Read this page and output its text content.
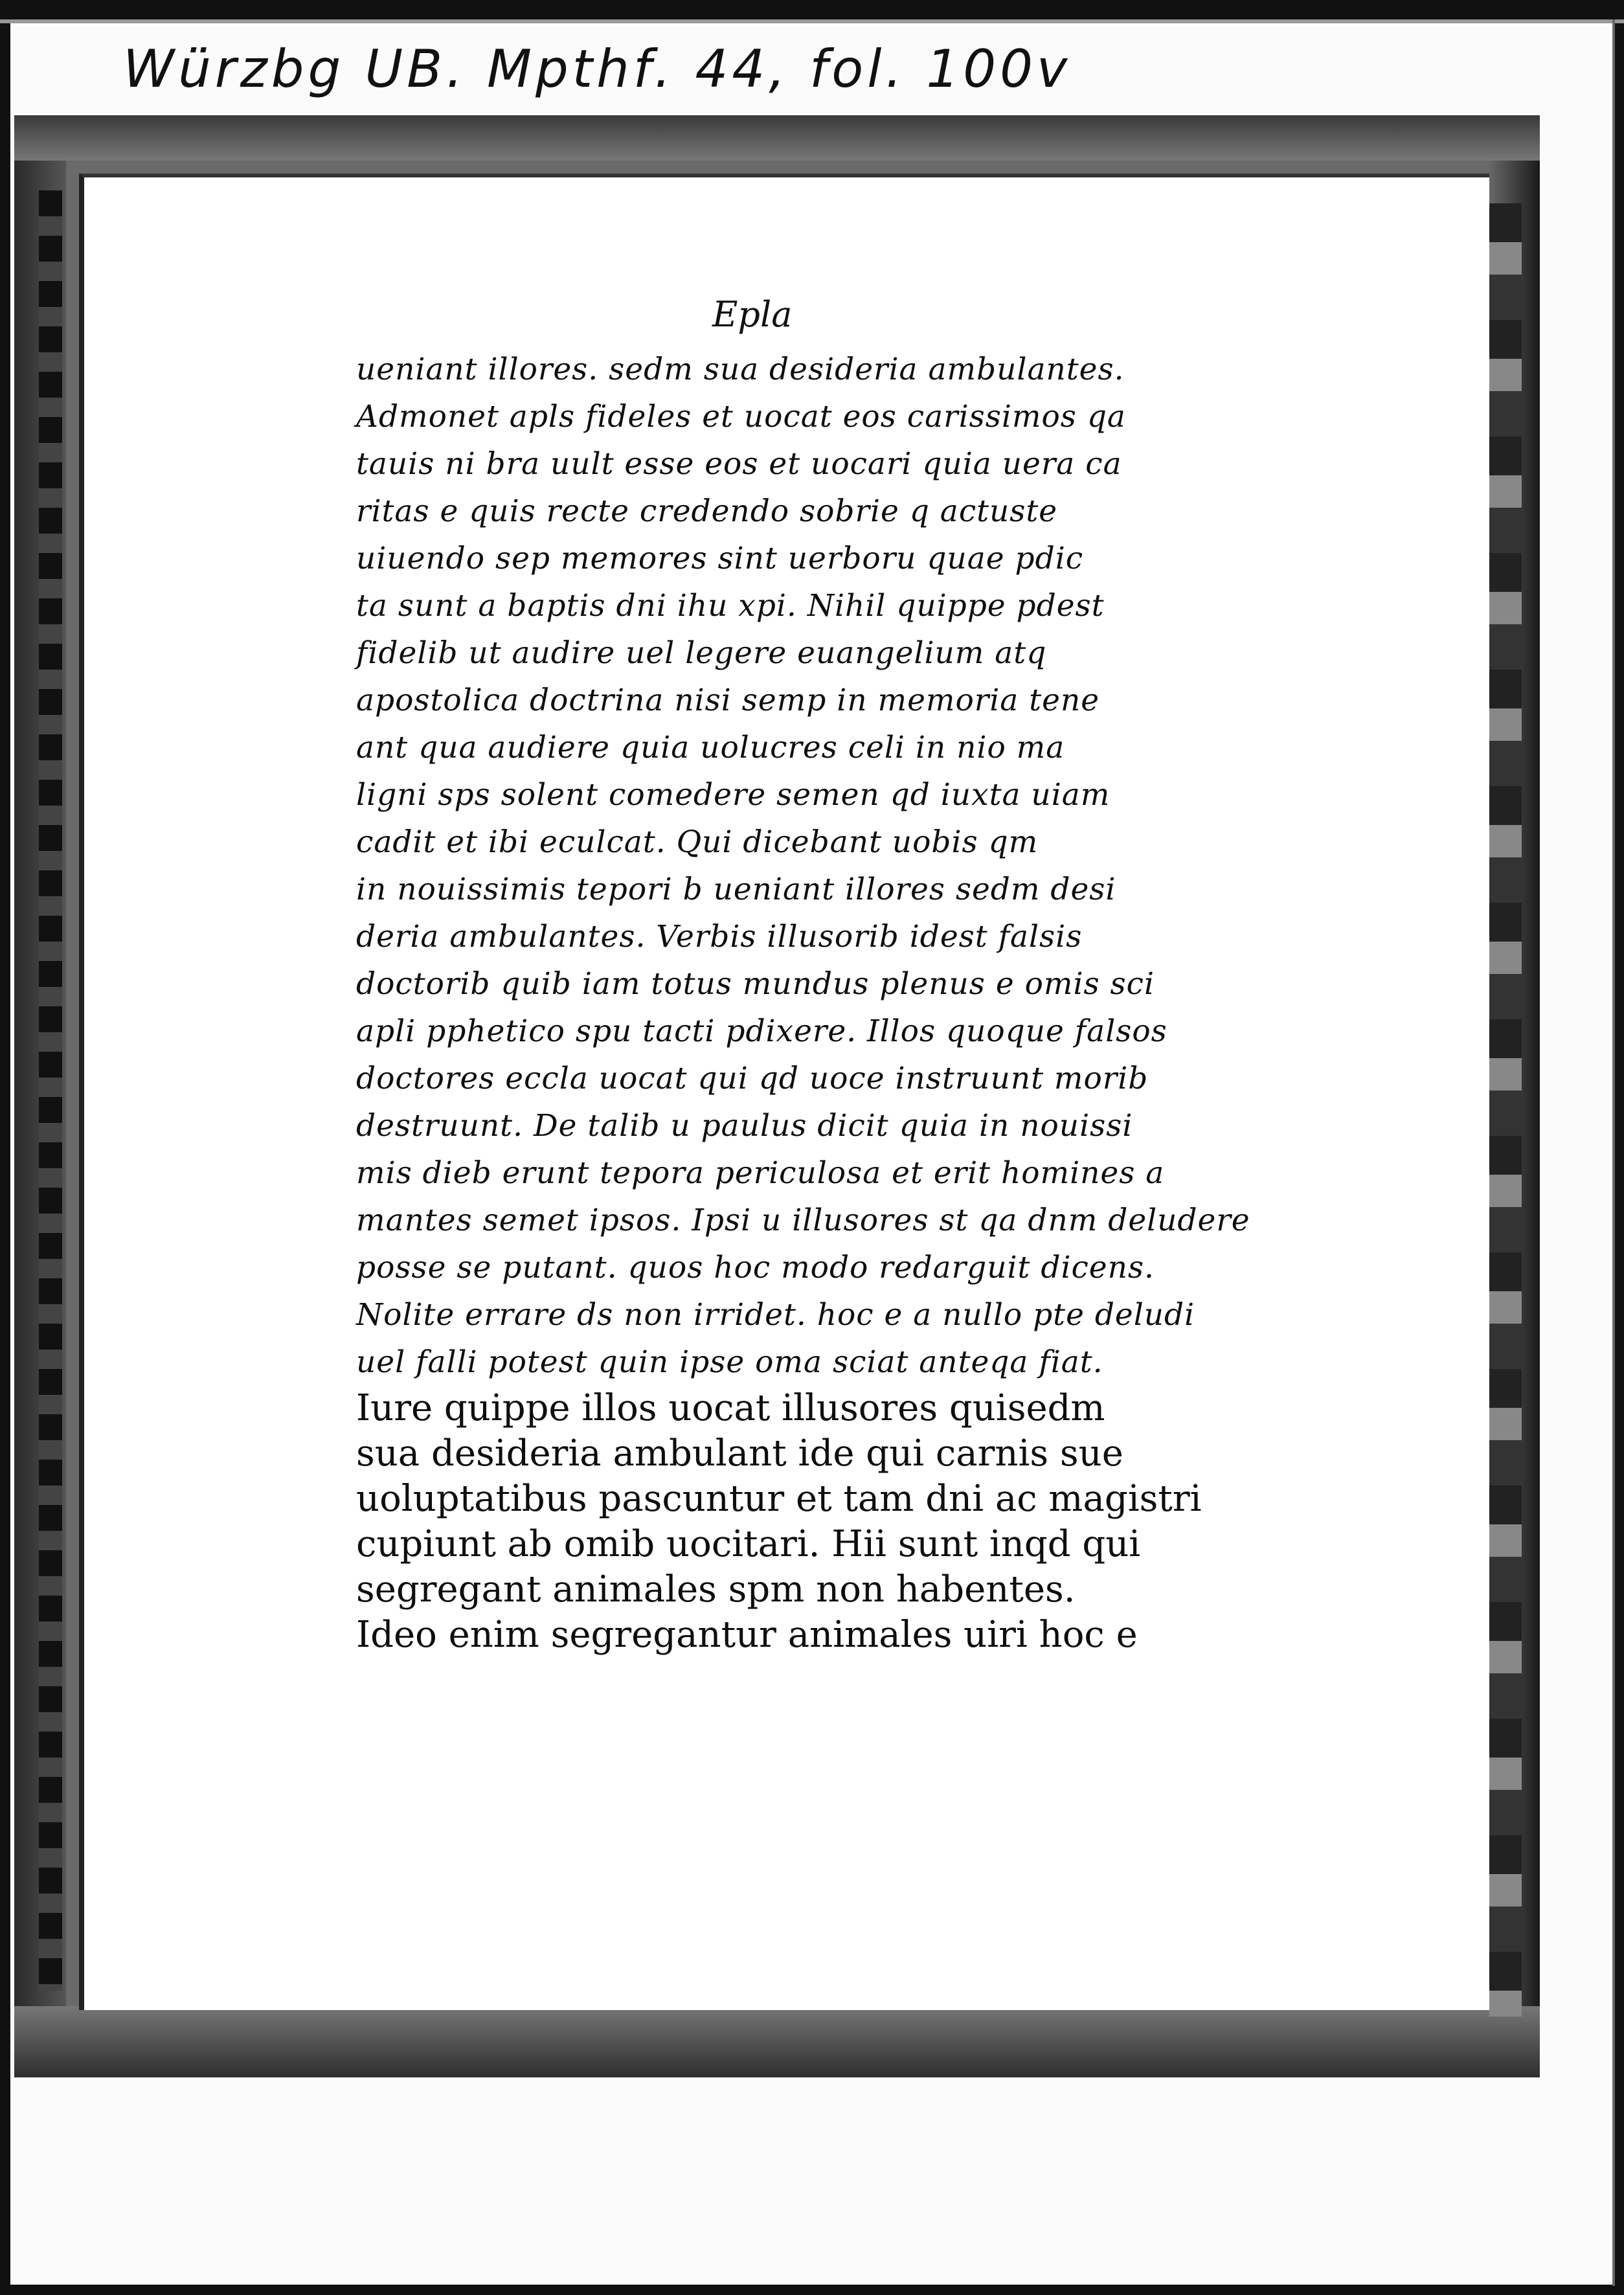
Würzbg UB. Mpthf. 44, fol. 100v
Epla
ueniant illores. sedm sua desideria ambulantes.
Admonet apls fideles et uocat eos carissimos qa
tauis ni bra uult esse eos et uocari quia uera ca
ritas e quis recte credendo sobrie q actuste
uiuendo sep memores sint uerboru quae pdic
ta sunt a baptis dni ihu xpi. Nihil quippe pdest
fidelib ut audire uel legere euangelium atq
apostolica doctrina nisi semp in memoria tene
ant qua audiere quia uolucres celi in nio ma
ligni sps solent comedere semen qd iuxta uiam
cadit et ibi eculcat. Qui dicebant uobis qm
in nouissimis tepori b ueniant illores sedm desi
deria ambulantes. Verbis illusorib idest falsis
doctorib quib iam totus mundus plenus e omis sci
apli pphetico spu tacti pdixere. Illos quoque falsos
doctores eccla uocat qui qd uoce instruunt morib
destruunt. De talib u paulus dicit quia in nouissi
mis dieb erunt tepora periculosa et erit homines a
mantes semet ipsos. Ipsi u illusores st qa dnm deludere
posse se putant. quos hoc modo redarguit dicens.
Nolite errare ds non irridet. hoc e a nullo pte deludi
uel falli potest quin ipse oma sciat anteqa fiat.
Iure quippe illos uocat illusores quisedm
sua desideria ambulant ide qui carnis sue
uoluptatibus pascuntur et tam dni ac magistri
cupiunt ab omib uocitari. Hii sunt inqd qui
segregant animales spm non habentes.
Ideo enim segregantur animales uiri hoc e
